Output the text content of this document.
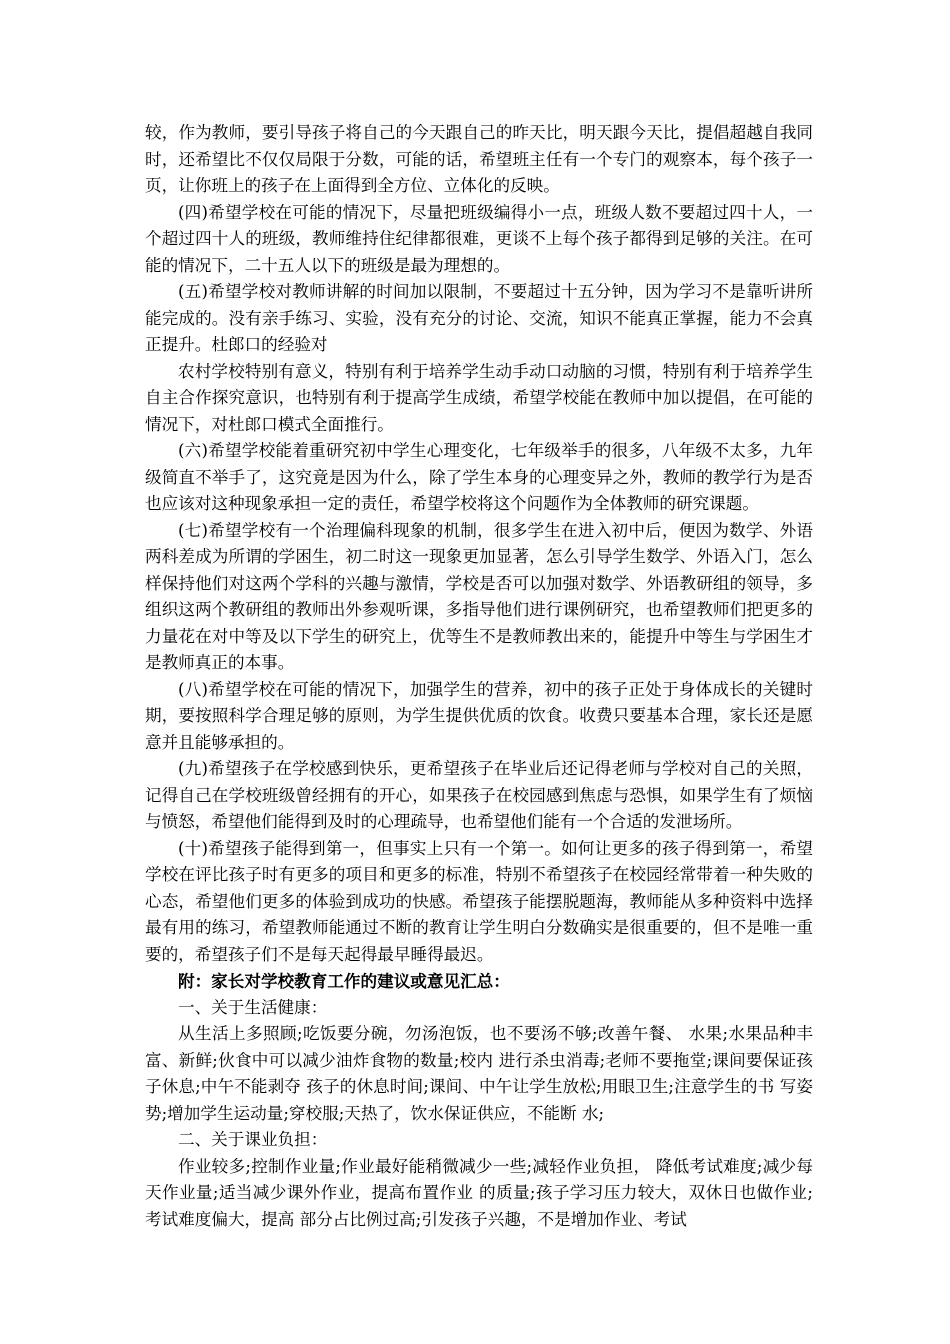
较，作为教师，要引导孩子将自己的今天跟自己的昨天比，明天跟今天比，提倡超越自我同时，还希望比不仅仅局限于分数，可能的话，希望班主任有一个专门的观察本，每个孩子一页，让你班上的孩子在上面得到全方位、立体化的反映。

(四)希望学校在可能的情况下，尽量把班级编得小一点，班级人数不要超过四十人，一个超过四十人的班级，教师维持住纪律都很难，更谈不上每个孩子都得到足够的关注。在可能的情况下，二十五人以下的班级是最为理想的。

(五)希望学校对教师讲解的时间加以限制，不要超过十五分钟，因为学习不是靠听讲所能完成的。没有亲手练习、实验，没有充分的讨论、交流，知识不能真正掌握，能力不会真正提升。杜郎口的经验对

农村学校特别有意义，特别有利于培养学生动手动口动脑的习惯，特别有利于培养学生自主合作探究意识，也特别有利于提高学生成绩，希望学校能在教师中加以提倡，在可能的情况下，对杜郎口模式全面推行。

(六)希望学校能着重研究初中学生心理变化，七年级举手的很多，八年级不太多，九年级简直不举手了，这究竟是因为什么，除了学生本身的心理变异之外，教师的教学行为是否也应该对这种现象承担一定的责任，希望学校将这个问题作为全体教师的研究课题。

(七)希望学校有一个治理偏科现象的机制，很多学生在进入初中后，便因为数学、外语两科差成为所谓的学困生，初二时这一现象更加显著，怎么引导学生数学、外语入门，怎么样保持他们对这两个学科的兴趣与激情，学校是否可以加强对数学、外语教研组的领导，多组织这两个教研组的教师出外参观听课，多指导他们进行课例研究，也希望教师们把更多的力量花在对中等及以下学生的研究上，优等生不是教师教出来的，能提升中等生与学困生才是教师真正的本事。

(八)希望学校在可能的情况下，加强学生的营养，初中的孩子正处于身体成长的关键时期，要按照科学合理足够的原则，为学生提供优质的饮食。收费只要基本合理，家长还是愿意并且能够承担的。

(九)希望孩子在学校感到快乐，更希望孩子在毕业后还记得老师与学校对自己的关照，记得自己在学校班级曾经拥有的开心，如果孩子在校园感到焦虑与恐惧，如果学生有了烦恼与愤怒，希望他们能得到及时的心理疏导，也希望他们能有一个合适的发泄场所。

(十)希望孩子能得到第一，但事实上只有一个第一。如何让更多的孩子得到第一，希望学校在评比孩子时有更多的项目和更多的标准，特别不希望孩子在校园经常带着一种失败的心态，希望他们更多的体验到成功的快感。希望孩子能摆脱题海，教师能从多种资料中选择最有用的练习，希望教师能通过不断的教育让学生明白分数确实是很重要的，但不是唯一重要的，希望孩子们不是每天起得最早睡得最迟。

附：家长对学校教育工作的建议或意见汇总：

一、关于生活健康：

从生活上多照顾;吃饭要分碗，勿汤泡饭，也不要汤不够;改善午餐、 水果;水果品种丰富、新鲜;伙食中可以减少油炸食物的数量;校内 进行杀虫消毒;老师不要拖堂;课间要保证孩子休息;中午不能剥夺 孩子的休息时间;课间、中午让学生放松;用眼卫生;注意学生的书 写姿势;增加学生运动量;穿校服;天热了，饮水保证供应，不能断 水;

二、关于课业负担：

作业较多;控制作业量;作业最好能稍微减少一些;减轻作业负担， 降低考试难度;减少每天作业量;适当减少课外作业，提高布置作业 的质量;孩子学习压力较大，双休日也做作业;考试难度偏大，提高 部分占比例过高;引发孩子兴趣，不是增加作业、考试
